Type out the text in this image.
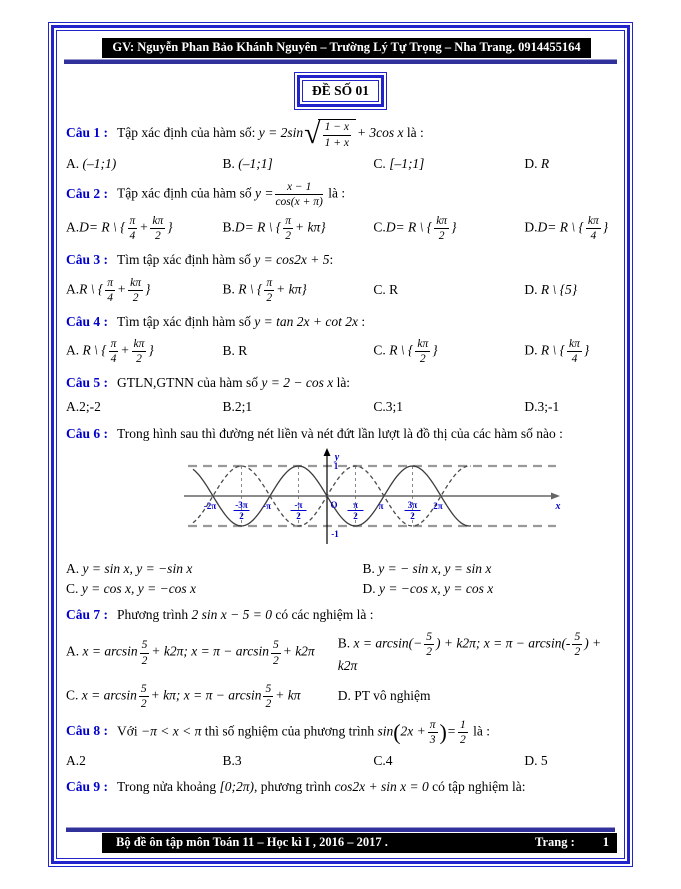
GV: Nguyễn Phan Bảo Khánh Nguyên – Trường Lý Tự Trọng – Nha Trang. 0914455164
ĐỀ SỐ 01
Câu 1 : Tập xác định của hàm số: y = 2sin √ $\frac{1 - x}{1 + x} + 3\cos$ x là :
A. (–1;1)	B. (–1;1]	C. [–1;1]	D. R
Câu 2 : Tập xác định của hàm số $y = \frac{x - 1}{\cos(x + \pi)}$ là :
A.D= R \ { $\frac{\pi}{4} + \frac{k\pi}{2}$ }	B.D= R \ { $\frac{\pi}{2} + k\pi$}	C.D= R \ { $\frac{k\pi}{2}$ }	D.D= R \ { $\frac{k\pi}{4}$ }
Câu 3 : Tìm tập xác định hàm số y = cos2x + 5:
A.R \ { $\frac{\pi}{4} + \frac{k\pi}{2}$ }	B. R \ { $\frac{\pi}{2} + k\pi$}	C. R	D. R \ {5}
Câu 4 : Tìm tập xác định hàm số y = tan 2x + cot 2x :
A. R \ { $\frac{\pi}{4} + \frac{k\pi}{2}$ }	B. R	C. R \ { $\frac{k\pi}{2}$ }	D. R \ { $\frac{k\pi}{4}$ }
Câu 5 : GTLN,GTNN của hàm số y = 2 − cos x là:
A.2;-2	B.2;1	C.3;1	D.3;-1
Câu 6 : Trong hình sau thì đường nét liền và nét đứt lần lượt là đồ thị của các hàm số nào :
-2π -3π
2
-π	-π
2
O π
2
π	3π
2
2π
1
-1
x
y
A. y = sin x, y = −sin x	B. y = − sin x, y = sin x
C. y = cos x, y = −cos x	D. y = −cos x, y = cos x
Câu 7 : Phương trình 2 sin x − 5 = 0 có các nghiệm là :
A. $x = \arcsin \frac{5}{2} + k2\pi$; $x = \pi - \arcsin \frac{5}{2} + k2\pi$
B. $x = \arcsin(- \frac{5}{2}$ ) + k2π; $x = \pi - \arcsin(- \frac{5}{2}$ ) + k2π
C. $x = \arcsin \frac{5}{2} + k\pi$; $x = \pi - \arcsin \frac{5}{2} + k\pi$	D. PT vô nghiệm
Câu 8 : Với −π < x < π thì số nghiệm của phương trình $\sin(2x + \frac{\pi}{3}$ )= $\frac{1}{2}$ là :
A.2	B.3	C.4	D. 5
Câu 9 : Trong nửa khoảng [0;2π), phương trình cos2x + sin x = 0 có tập nghiệm là:
Bộ đề ôn tập môn Toán 11 – Học kì I , 2016 – 2017 .	Trang : 1
